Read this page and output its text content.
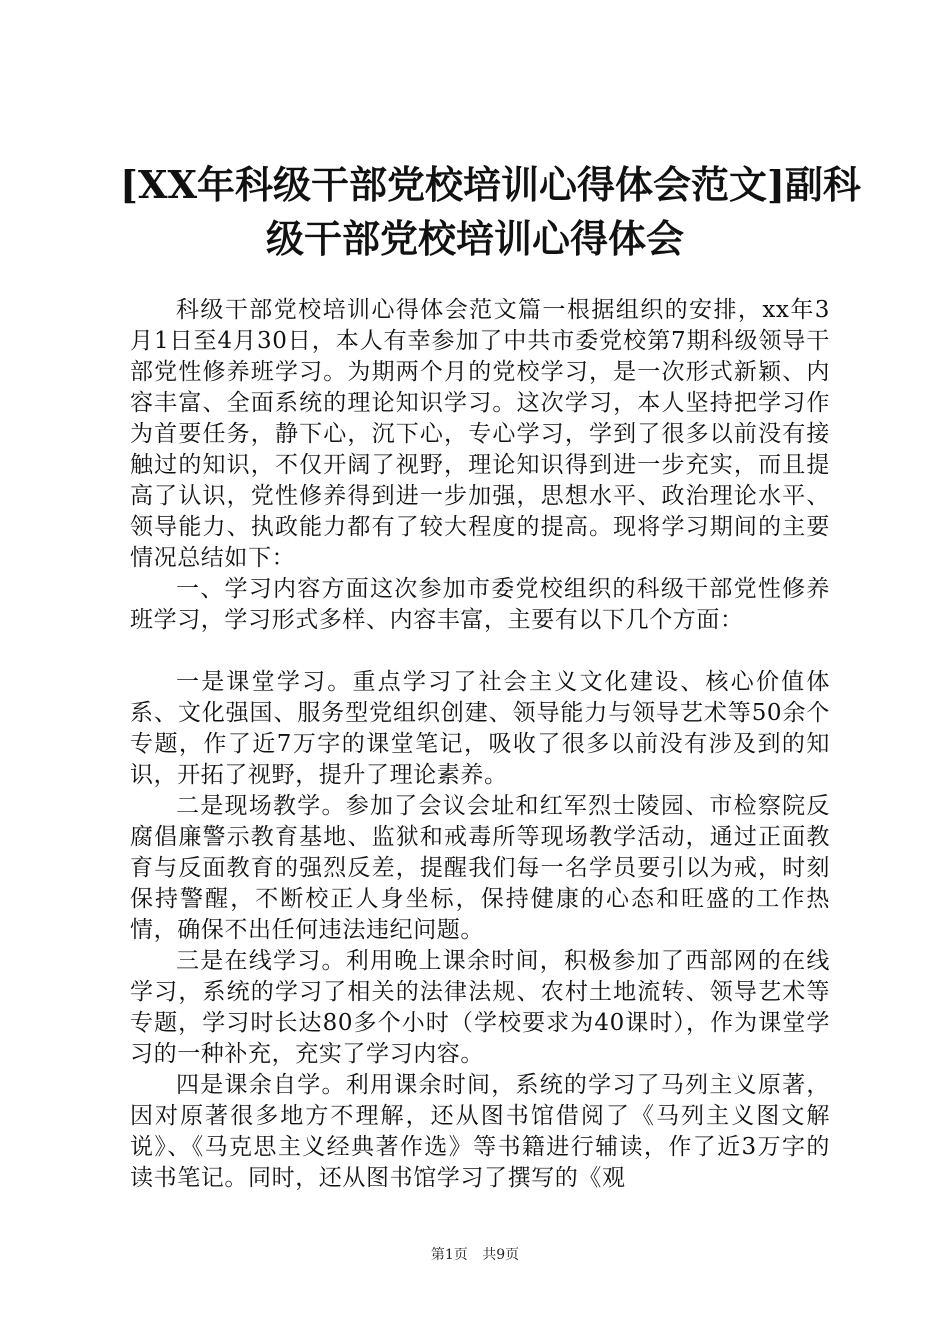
[XX年科级干部党校培训心得体会范文]副科
级干部党校培训心得体会

科级干部党校培训心得体会范文篇一根据组织的安排，xx年3月1日至4月30日，本人有幸参加了中共市委党校第7期科级领导干部党性修养班学习。为期两个月的党校学习，是一次形式新颖、内容丰富、全面系统的理论知识学习。这次学习，本人坚持把学习作为首要任务，静下心，沉下心，专心学习，学到了很多以前没有接触过的知识，不仅开阔了视野，理论知识得到进一步充实，而且提高了认识，党性修养得到进一步加强，思想水平、政治理论水平、领导能力、执政能力都有了较大程度的提高。现将学习期间的主要情况总结如下：

一、学习内容方面这次参加市委党校组织的科级干部党性修养班学习，学习形式多样、内容丰富，主要有以下几个方面：

一是课堂学习。重点学习了社会主义文化建设、核心价值体系、文化强国、服务型党组织创建、领导能力与领导艺术等50余个专题，作了近7万字的课堂笔记，吸收了很多以前没有涉及到的知识，开拓了视野，提升了理论素养。

二是现场教学。参加了会议会址和红军烈士陵园、市检察院反腐倡廉警示教育基地、监狱和戒毒所等现场教学活动，通过正面教育与反面教育的强烈反差，提醒我们每一名学员要引以为戒，时刻保持警醒，不断校正人身坐标，保持健康的心态和旺盛的工作热情，确保不出任何违法违纪问题。

三是在线学习。利用晚上课余时间，积极参加了西部网的在线学习，系统的学习了相关的法律法规、农村土地流转、领导艺术等专题，学习时长达80多个小时（学校要求为40课时），作为课堂学习的一种补充，充实了学习内容。

四是课余自学。利用课余时间，系统的学习了马列主义原著，因对原著很多地方不理解，还从图书馆借阅了《马列主义图文解说》、《马克思主义经典著作选》等书籍进行辅读，作了近3万字的读书笔记。同时，还从图书馆学习了撰写的《观

第1页 共9页
